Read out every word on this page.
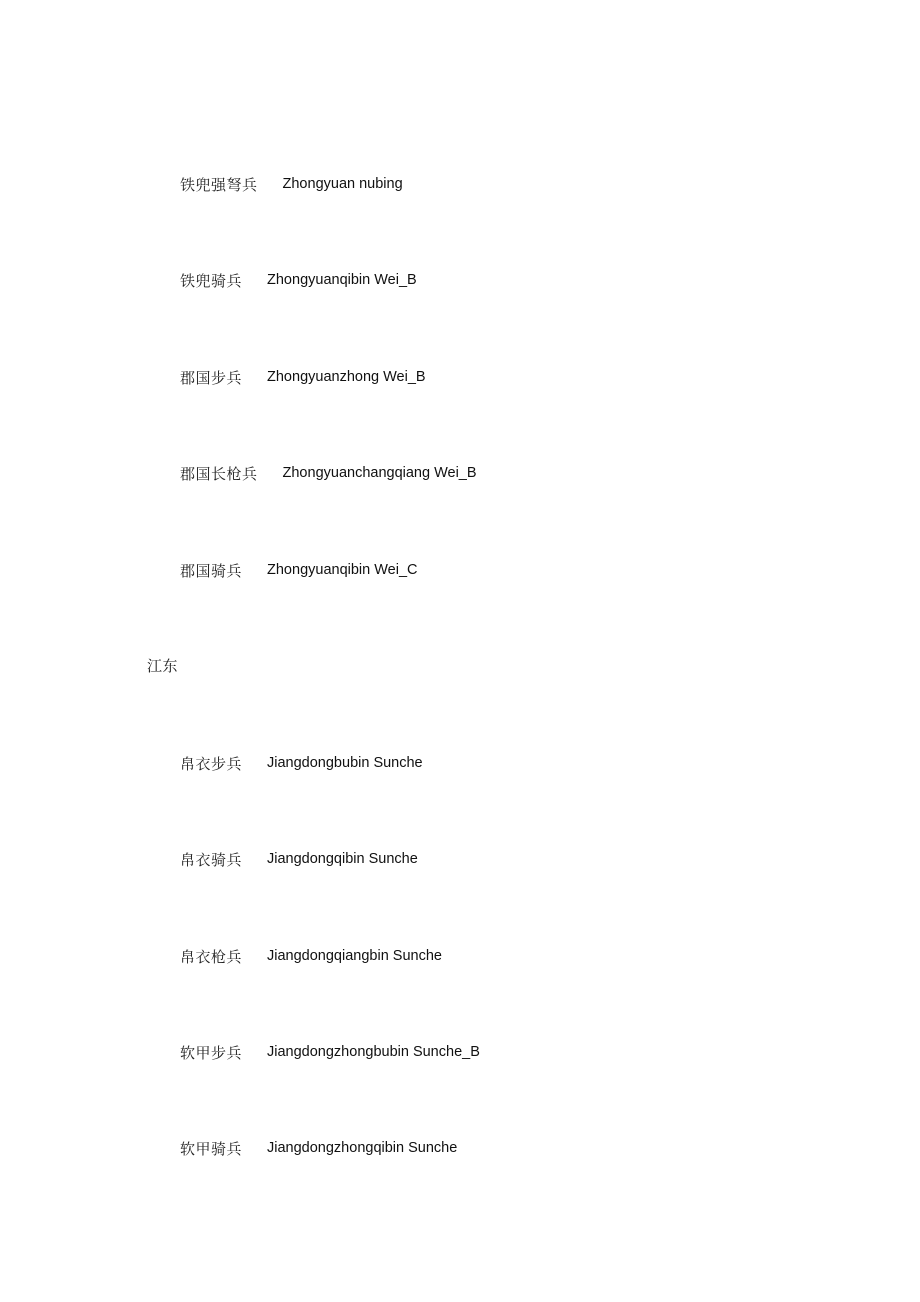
铁兜强弩兵 Zhongyuan nubing
铁兜骑兵 Zhongyuanqibin Wei_B
郡国步兵 Zhongyuanzhong Wei_B
郡国长枪兵 Zhongyuanchangqiang Wei_B
郡国骑兵 Zhongyuanqibin Wei_C
江东
帛衣步兵 Jiangdongbubin Sunche
帛衣骑兵 Jiangdongqibin Sunche
帛衣枪兵 Jiangdongqiangbin Sunche
软甲步兵 Jiangdongzhongbubin Sunche_B
软甲骑兵 Jiangdongzhongqibin Sunche
